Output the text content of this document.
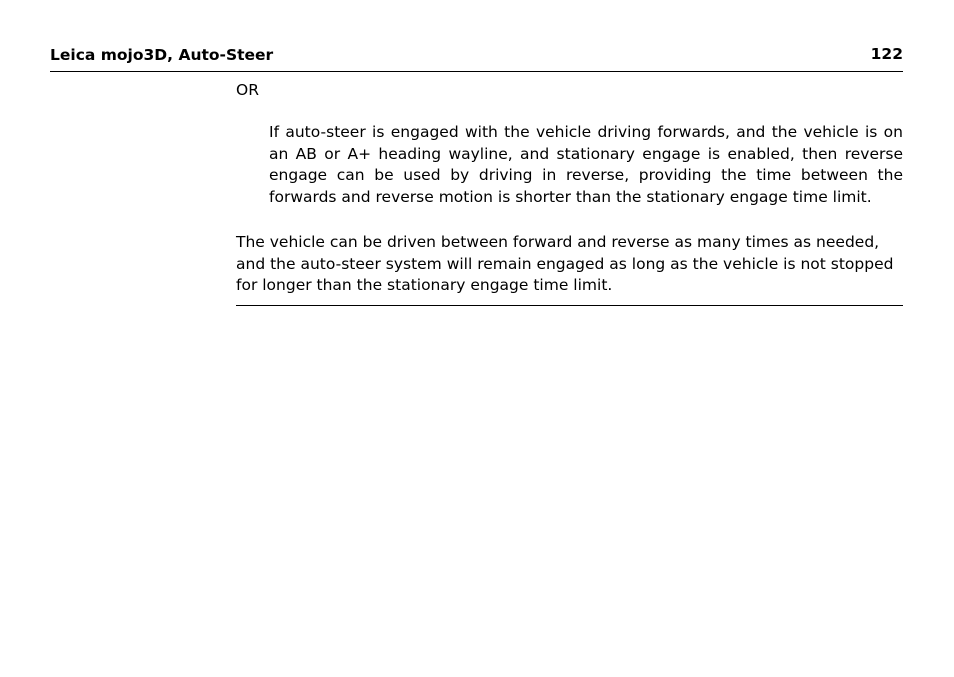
Leica mojo3D, Auto-Steer	122
OR

If auto-steer is engaged with the vehicle driving forwards, and the vehicle is on an AB or A+ heading wayline, and stationary engage is enabled, then reverse engage can be used by driving in reverse, providing the time between the forwards and reverse motion is shorter than the stationary engage time limit.

The vehicle can be driven between forward and reverse as many times as needed, and the auto-steer system will remain engaged as long as the vehicle is not stopped for longer than the stationary engage time limit.
